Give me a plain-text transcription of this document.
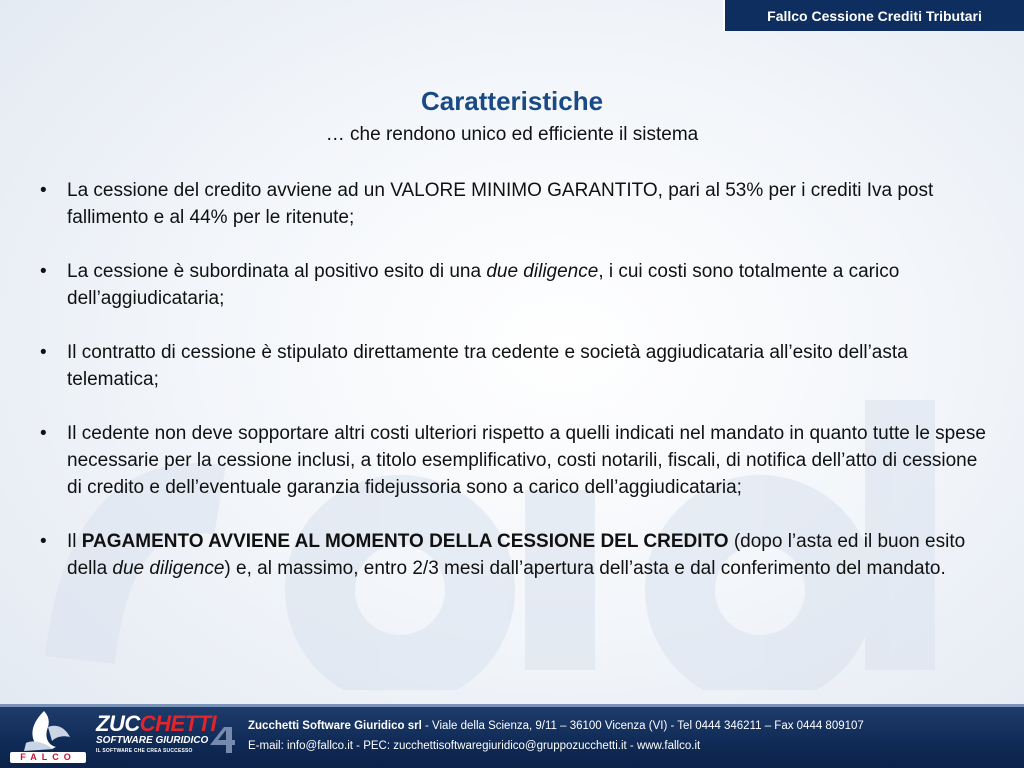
Fallco Cessione Crediti Tributari
Caratteristiche
… che rendono unico ed efficiente il sistema
• La cessione del credito avviene ad un VALORE MINIMO GARANTITO, pari al 53% per i crediti Iva post fallimento e al 44% per le ritenute;
• La cessione è subordinata al positivo esito di una due diligence, i cui costi sono totalmente a carico dell’aggiudicataria;
• Il contratto di cessione è stipulato direttamente tra cedente e società aggiudicataria all’esito dell’asta telematica;
• Il cedente non deve sopportare altri costi ulteriori rispetto a quelli indicati nel mandato in quanto tutte le spese necessarie per la cessione inclusi, a titolo esemplificativo, costi notarili, fiscali, di notifica dell’atto di cessione di credito e dell’eventuale garanzia fidejussoria sono a carico dell’aggiudicataria;
• Il PAGAMENTO AVVIENE AL MOMENTO DELLA CESSIONE DEL CREDITO (dopo l’asta ed il buon esito della due diligence) e, al massimo, entro 2/3 mesi dall’apertura dell’asta e dal conferimento del mandato.
FALCO
ZUCCHETTI
SOFTWARE GIURIDICO
IL SOFTWARE CHE CREA SUCCESSO
Zucchetti Software Giuridico srl - Viale della Scienza, 9/11 – 36100 Vicenza (VI) - Tel 0444 346211 – Fax 0444 809107
E-mail: info@fallco.it - PEC: zucchettisoftwaregiuridico@gruppozucchetti.it - www.fallco.it
